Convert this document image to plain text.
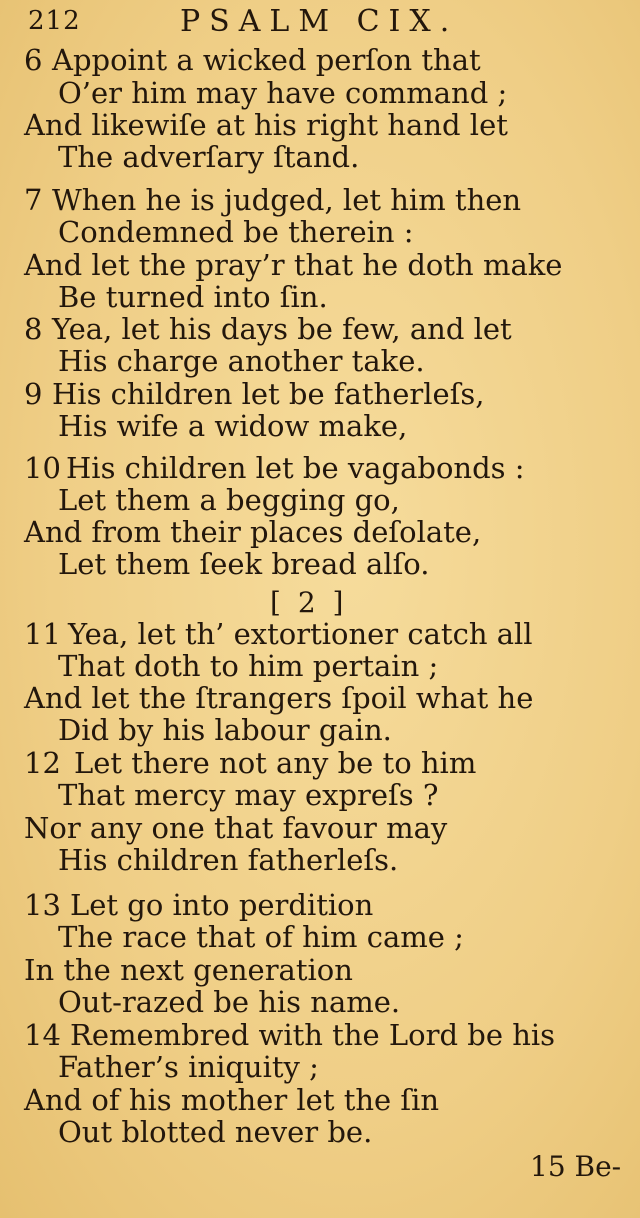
212	PSALM CIX.
6 Appoint a wicked perſon that
O’er him may have command ;
And likewiſe at his right hand let
The adverſary ſtand.
7 When he is judged, let him then
Condemned be therein :
And let the pray’r that he doth make
Be turned into ſin.
8 Yea, let his days be few, and let
His charge another take.
9 His children let be fatherleſs,
His wife a widow make,
10 His children let be vagabonds :
Let them a begging go,
And from their places deſolate,
Let them ſeek bread alſo.
[ 2 ]
11 Yea, let th’ extortioner catch all
That doth to him pertain ;
And let the ſtrangers ſpoil what he
Did by his labour gain.
12 Let there not any be to him
That mercy may expreſs ?
Nor any one that favour may
His children fatherleſs.
13 Let go into perdition
The race that of him came ;
In the next generation
Out-razed be his name.
14 Remembred with the Lord be his
Father’s iniquity ;
And of his mother let the ſin
Out blotted never be.
15 Be-
